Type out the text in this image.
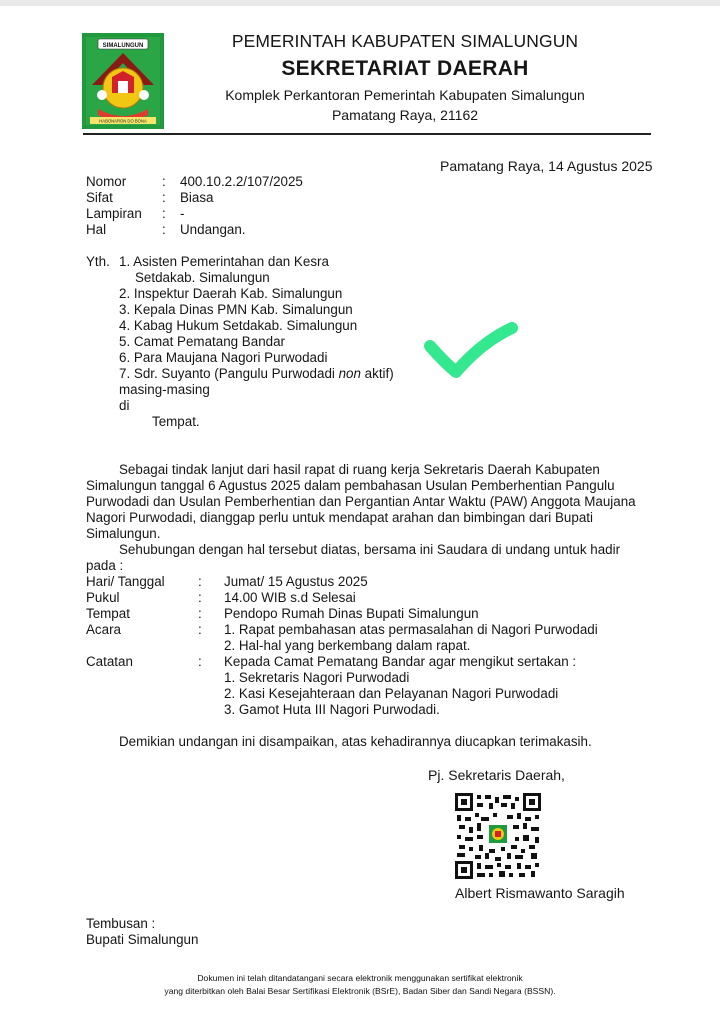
SIMALUNGUN
HABONARON DO BONA
PEMERINTAH KABUPATEN SIMALUNGUN
SEKRETARIAT DAERAH
Komplek Perkantoran Pemerintah Kabupaten Simalungun
Pamatang Raya, 21162
Pamatang Raya, 14 Agustus 2025
Nomor	: 400.10.2.2/107/2025
Sifat	: Biasa
Lampiran : -
Hal	: Undangan.
Yth. 1. Asisten Pemerintahan dan Kesra
Setdakab. Simalungun
2. Inspektur Daerah Kab. Simalungun
3. Kepala Dinas PMN Kab. Simalungun
4. Kabag Hukum Setdakab. Simalungun
5. Camat Pematang Bandar
6. Para Maujana Nagori Purwodadi
7. Sdr. Suyanto (Pangulu Purwodadi non aktif)
masing-masing
di
Tempat.
Sebagai tindak lanjut dari hasil rapat di ruang kerja Sekretaris Daerah Kabupaten
Simalungun tanggal 6 Agustus 2025 dalam pembahasan Usulan Pemberhentian Pangulu
Purwodadi dan Usulan Pemberhentian dan Pergantian Antar Waktu (PAW) Anggota Maujana
Nagori Purwodadi, dianggap perlu untuk mendapat arahan dan bimbingan dari Bupati
Simalungun.
Sehubungan dengan hal tersebut diatas, bersama ini Saudara di undang untuk hadir
pada :
Hari/ Tanggal : Jumat/ 15 Agustus 2025
Pukul	: 14.00 WIB s.d Selesai
Tempat	: Pendopo Rumah Dinas Bupati Simalungun
Acara	: 1. Rapat pembahasan atas permasalahan di Nagori Purwodadi
2. Hal-hal yang berkembang dalam rapat.
Catatan	: Kepada Camat Pematang Bandar agar mengikut sertakan :
1. Sekretaris Nagori Purwodadi
2. Kasi Kesejahteraan dan Pelayanan Nagori Purwodadi
3. Gamot Huta III Nagori Purwodadi.
Demikian undangan ini disampaikan, atas kehadirannya diucapkan terimakasih.
Pj. Sekretaris Daerah,
Albert Rismawanto Saragih
Tembusan :
Bupati Simalungun
Dokumen ini telah ditandatangani secara elektronik menggunakan sertifikat elektronik
yang diterbitkan oleh Balai Besar Sertifikasi Elektronik (BSrE), Badan Siber dan Sandi Negara (BSSN).
